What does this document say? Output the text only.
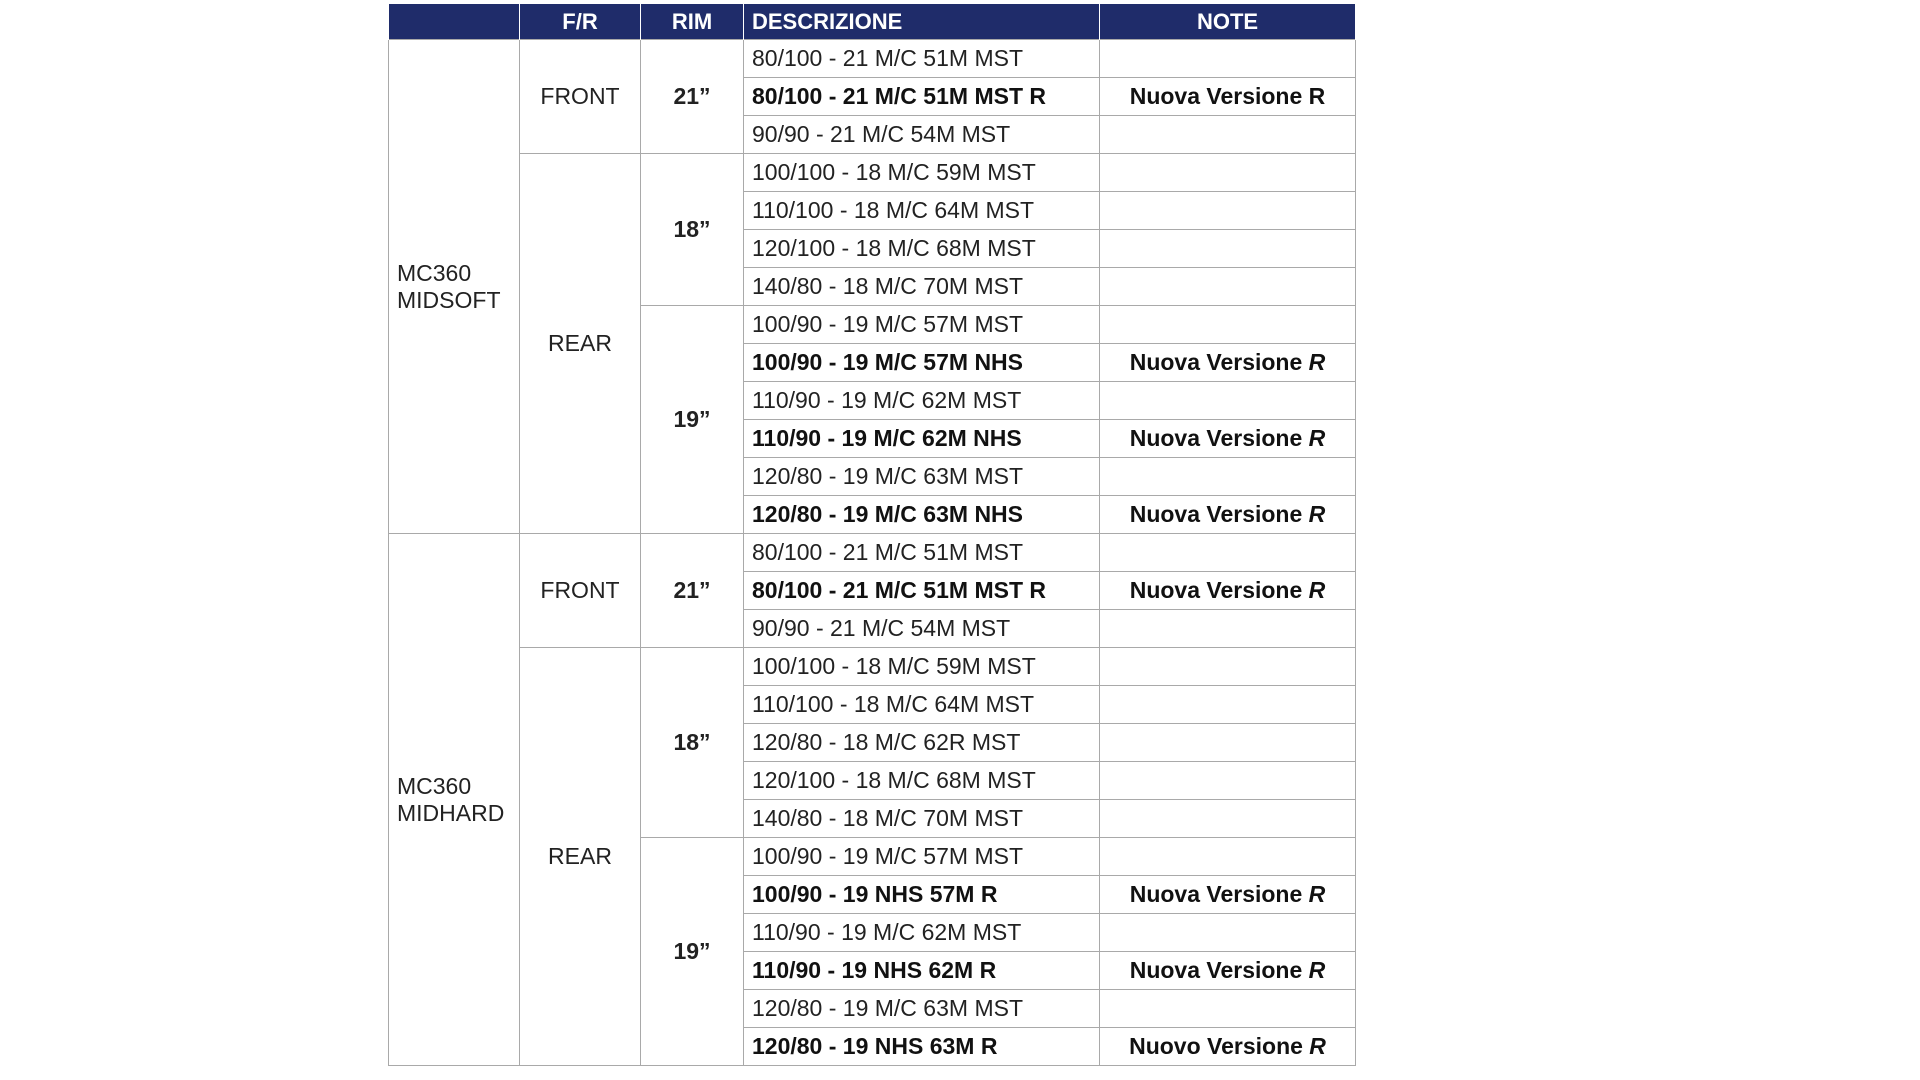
	F/R	RIM	DESCRIZIONE	NOTE

MC360
MIDSOFT	FRONT	21”	80/100 - 21 M/C 51M MST	
			80/100 - 21 M/C 51M MST R	Nuova Versione R
			90/90 - 21 M/C 54M MST	
	REAR	18”	100/100 - 18 M/C 59M MST	
			110/100 - 18 M/C 64M MST	
			120/100 - 18 M/C 68M MST	
			140/80 - 18 M/C 70M MST	
		19”	100/90 - 19 M/C 57M MST	
			100/90 - 19 M/C 57M NHS	Nuova Versione R
			110/90 - 19 M/C 62M MST	
			110/90 - 19 M/C 62M NHS	Nuova Versione R
			120/80 - 19 M/C 63M MST	
			120/80 - 19 M/C 63M NHS	Nuova Versione R

MC360
MIDHARD	FRONT	21”	80/100 - 21 M/C 51M MST	
			80/100 - 21 M/C 51M MST R	Nuova Versione R
			90/90 - 21 M/C 54M MST	
	REAR	18”	100/100 - 18 M/C 59M MST	
			110/100 - 18 M/C 64M MST	
			120/80 - 18 M/C 62R MST	
			120/100 - 18 M/C 68M MST	
			140/80 - 18 M/C 70M MST	
		19”	100/90 - 19 M/C 57M MST	
			100/90 - 19 NHS 57M R	Nuova Versione R
			110/90 - 19 M/C 62M MST	
			110/90 - 19 NHS 62M R	Nuova Versione R
			120/80 - 19 M/C 63M MST	
			120/80 - 19 NHS 63M R	Nuovo Versione R
